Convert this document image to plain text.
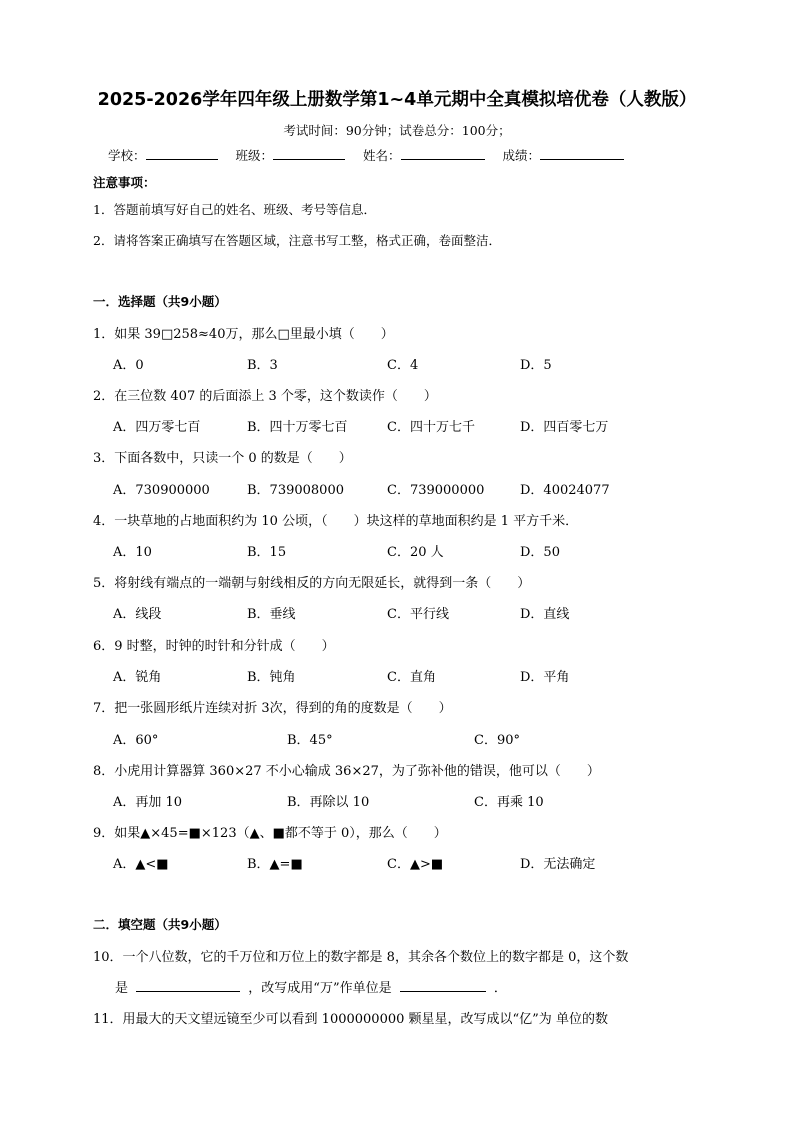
2025-2026学年四年级上册数学第1~4单元期中全真模拟培优卷（人教版）
考试时间：90分钟；试卷总分：100分；
学校：	班级：	姓名：	成绩：
注意事项：
1．答题前填写好自己的姓名、班级、考号等信息．
2．请将答案正确填写在答题区域，注意书写工整，格式正确，卷面整洁．
一．选择题（共9小题）
1．如果 39□258≈40万，那么□里最小填（　　）
A．0	B．3	C．4	D．5
2．在三位数 407 的后面添上 3 个零，这个数读作（　　）
A．四万零七百	B．四十万零七百	C．四十万七千	D．四百零七万
3．下面各数中，只读一个 0 的数是（　　）
A．730900000	B．739008000	C．739000000	D．40024077
4．一块草地的占地面积约为 10 公顷，（　　）块这样的草地面积约是 1 平方千米．
A．10	B．15	C．20 人	D．50
5．将射线有端点的一端朝与射线相反的方向无限延长，就得到一条（　　）
A．线段	B．垂线	C．平行线	D．直线
6．9 时整，时钟的时针和分针成（　　）
A．锐角	B．钝角	C．直角	D．平角
7．把一张圆形纸片连续对折 3次，得到的角的度数是（　　）
A．60°	B．45°	C．90°
8．小虎用计算器算 360×27 不小心输成 36×27，为了弥补他的错误，他可以（　　）
A．再加 10	B．再除以 10	C．再乘 10
9．如果▲×45=■×123（▲、■都不等于 0），那么（　　）
A．▲<■	B．▲=■	C．▲>■	D．无法确定
二．填空题（共9小题）
10．一个八位数，它的千万位和万位上的数字都是 8，其余各个数位上的数字都是 0，这个数
是	，改写成用“万”作单位是	．
11．用最大的天文望远镜至少可以看到 1000000000 颗星星，改写成以“亿”为 单位的数
